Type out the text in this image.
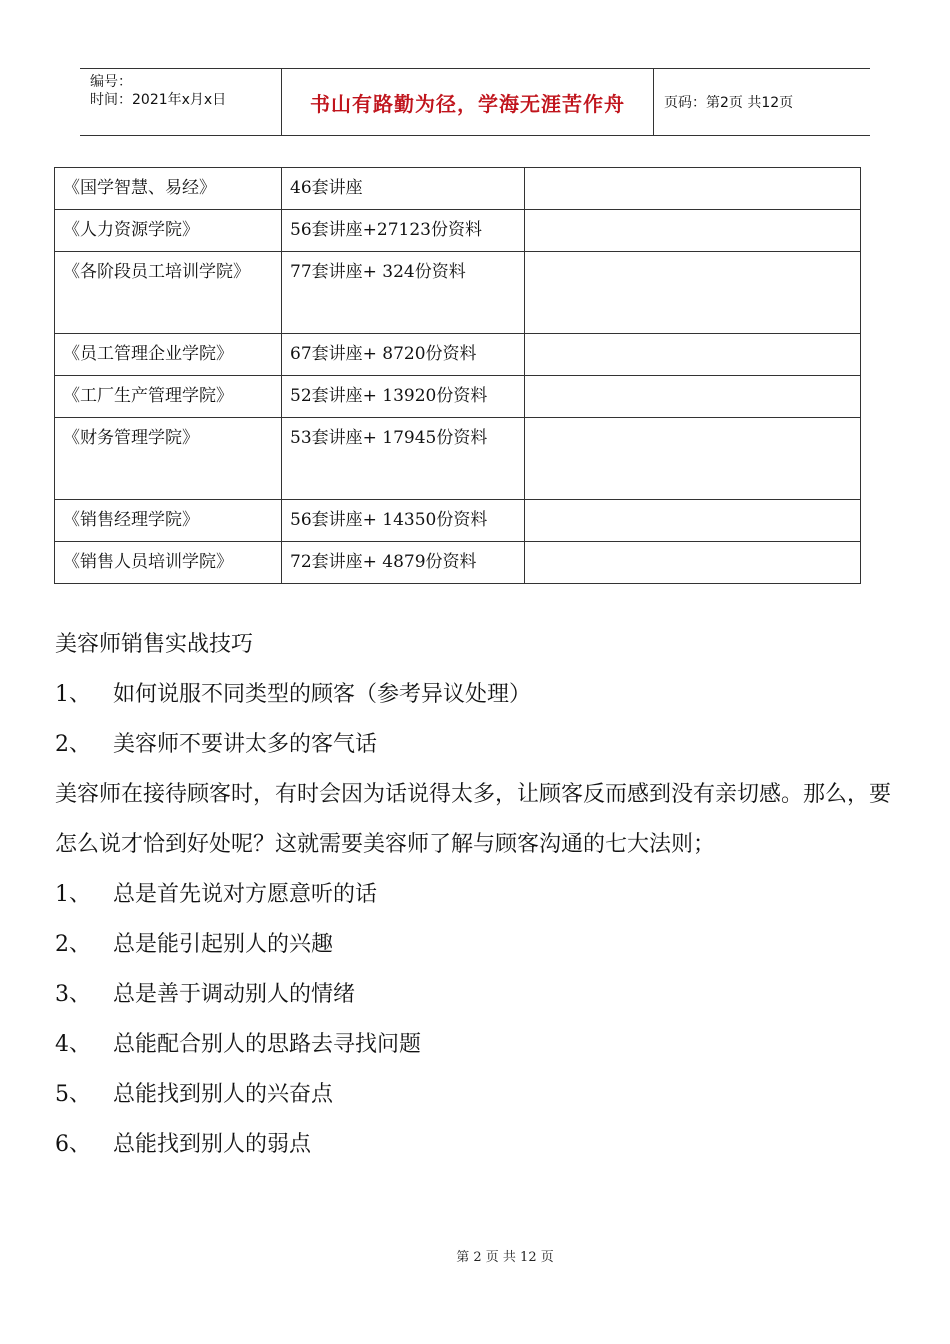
编号：
时间：2021年x月x日	书山有路勤为径，学海无涯苦作舟	页码：第2页 共12页
《国学智慧、易经》	46套讲座	
《人力资源学院》	56套讲座+27123份资料	
《各阶段员工培训学院》	77套讲座+ 324份资料	
《员工管理企业学院》	67套讲座+ 8720份资料	
《工厂生产管理学院》	52套讲座+ 13920份资料	
《财务管理学院》	53套讲座+ 17945份资料	
《销售经理学院》	56套讲座+ 14350份资料	
《销售人员培训学院》	72套讲座+ 4879份资料	

美容师销售实战技巧

1、	如何说服不同类型的顾客（参考异议处理）
2、	美容师不要讲太多的客气话

美容师在接待顾客时，有时会因为话说得太多，让顾客反而感到没有亲切感。那么，要怎么说才恰到好处呢？这就需要美容师了解与顾客沟通的七大法则；

1、	总是首先说对方愿意听的话
2、	总是能引起别人的兴趣
3、	总是善于调动别人的情绪
4、	总能配合别人的思路去寻找问题
5、	总能找到别人的兴奋点
6、	总能找到别人的弱点
第 2 页 共 12 页
